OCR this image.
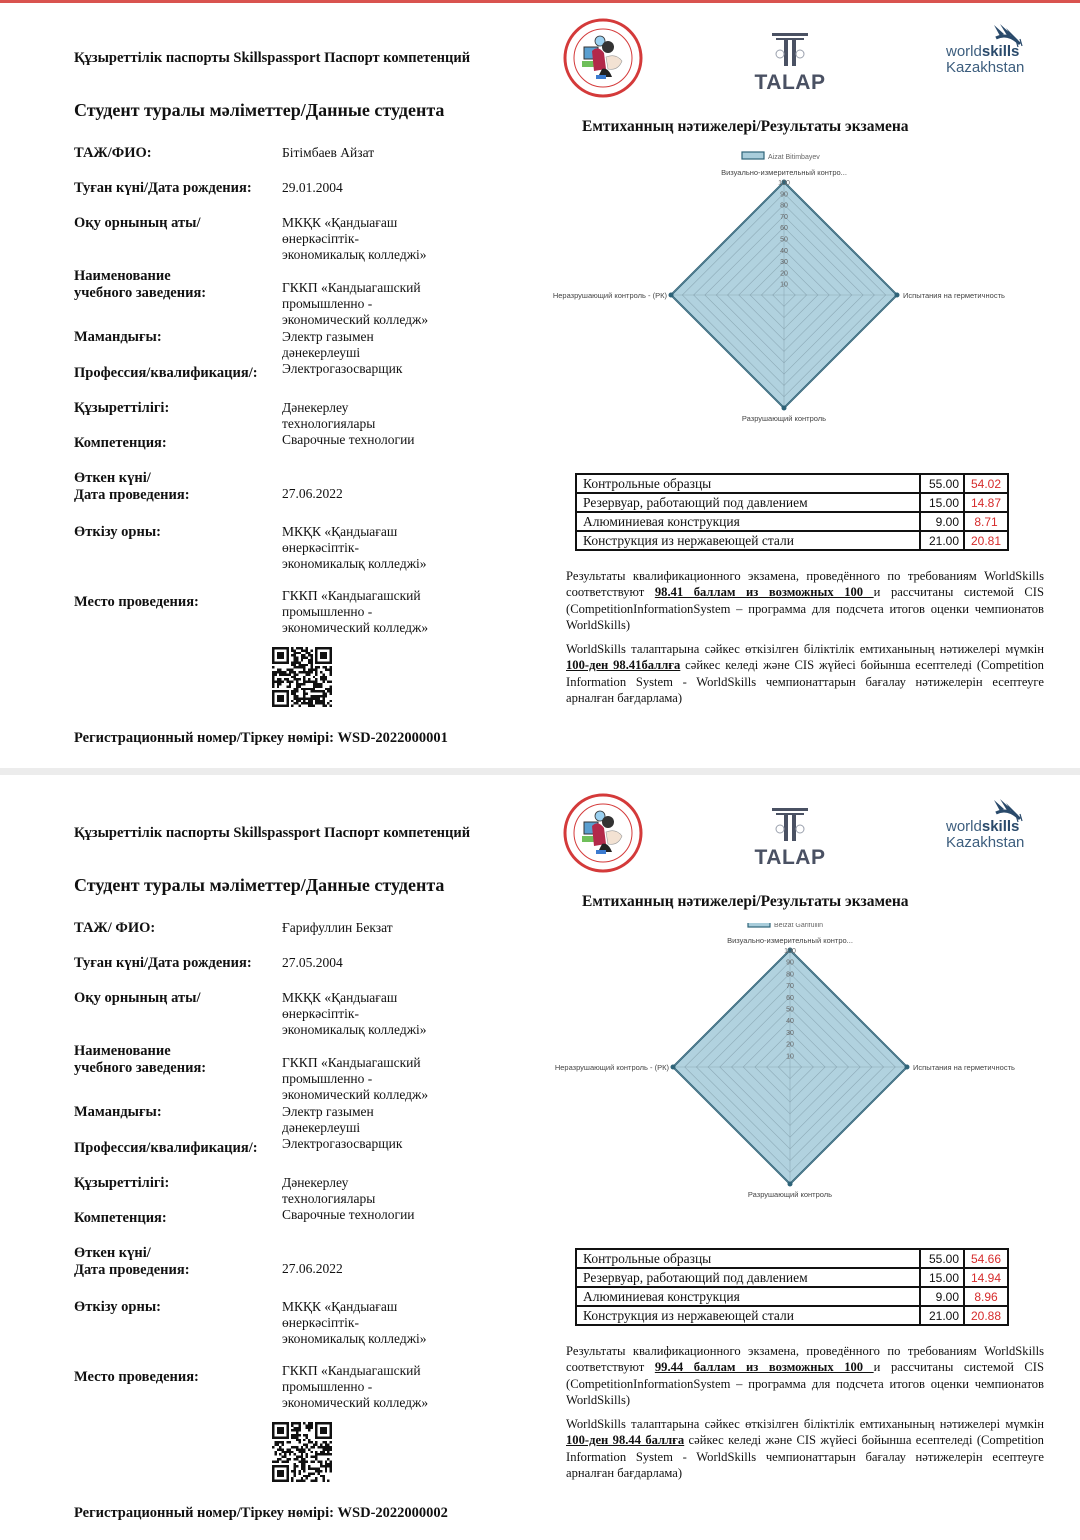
Құзыреттілік паспорты Skillspassport Паспорт компетенций
Студент туралы мәліметтер/Данные студента
ТАЖ/ФИО:	Бітімбаев Айзат
Туған күні/Дата рождения: 29.01.2004
Оқу орнының аты/	МКҚК «Қандыағаш
өнеркәсіптік-
экономикалық колледжі»
Наименование
учебного заведения:	ГККП «Кандыагашский
промышленно -
экономический колледж»
Мамандығы:	Электр газымен
дәнекерлеуші
Профессия/квалификация/: Электрогазосварщик
Құзыреттілігі:	Дәнекерлеу
технологиялары
Компетенция:	Сварочные технологии
Өткен күні/
Дата проведения:	27.06.2022
Өткізу орны:	МКҚК «Қандыағаш
өнеркәсіптік-
экономикалық колледжі»
Место проведения:	ГККП «Кандыагашский
промышленно -
экономический колледж»
Регистрационный номер/Тіркеу нөмірі: WSD-2022000001
TALAP
worldskills
Kazakhstan
Емтиханның нәтижелері/Результаты экзамена
10
20
30
40
50
60
70
80
90
100
Визуально-измерительный контро...
Испытания на герметичность
Разрушающий контроль
Неразрушающий контроль - (РК)
Aizat Bitimbayev
Контрольные образцы	55.00	54.02
Резервуар, работающий под давлением	15.00	14.87
Алюминиевая конструкция	9.00	8.71
Конструкция из нержавеющей стали	21.00	20.81
Результаты квалификационного экзамена, проведённого по требованиям WorldSkills соответствуют 98.41 баллам из возможных 100 и рассчитаны системой CIS (CompetitionInformationSystem – программа для подсчета итогов оценки чемпионатов WorldSkills)
WorldSkills талаптарына сәйкес өткізілген біліктілік емтиханының нәтижелері мүмкін 100-ден 98.41баллға сәйкес келеді және CIS жүйесі бойынша есептеледі (Competition Information System - WorldSkills чемпионаттарын бағалау нәтижелерін есептеуге арналған бағдарлама)
Құзыреттілік паспорты Skillspassport Паспорт компетенций
Студент туралы мәліметтер/Данные студента
ТАЖ/ ФИО:	Ғарифуллин Бекзат
Туған күні/Дата рождения: 27.05.2004
Оқу орнының аты/	МКҚК «Қандыағаш
өнеркәсіптік-
экономикалық колледжі»
Наименование
учебного заведения:	ГККП «Кандыагашский
промышленно -
экономический колледж»
Мамандығы:	Электр газымен
дәнекерлеуші
Профессия/квалификация/: Электрогазосварщик
Құзыреттілігі:	Дәнекерлеу
технологиялары
Компетенция:	Сварочные технологии
Өткен күні/
Дата проведения:	27.06.2022
Өткізу орны:	МКҚК «Қандыағаш
өнеркәсіптік-
экономикалық колледжі»
Место проведения:	ГККП «Кандыагашский
промышленно -
экономический колледж»
Регистрационный номер/Тіркеу нөмірі: WSD-2022000002
TALAP
worldskills
Kazakhstan
Емтиханның нәтижелері/Результаты экзамена
10
20
30
40
50
60
70
80
90
100
Визуально-измерительный контро...
Испытания на герметичность
Разрушающий контроль
Неразрушающий контроль - (РК)
Beizat Garifullin
Контрольные образцы	55.00	54.66
Резервуар, работающий под давлением	15.00	14.94
Алюминиевая конструкция	9.00	8.96
Конструкция из нержавеющей стали	21.00	20.88
Результаты квалификационного экзамена, проведённого по требованиям WorldSkills соответствуют 99.44 баллам из возможных 100 и рассчитаны системой CIS (CompetitionInformationSystem – программа для подсчета итогов оценки чемпионатов WorldSkills)
WorldSkills талаптарына сәйкес өткізілген біліктілік емтиханының нәтижелері мүмкін 100-ден 98.44 баллға сәйкес келеді және CIS жүйесі бойынша есептеледі (Competition Information System - WorldSkills чемпионаттарын бағалау нәтижелерін есептеуге арналған бағдарлама)
